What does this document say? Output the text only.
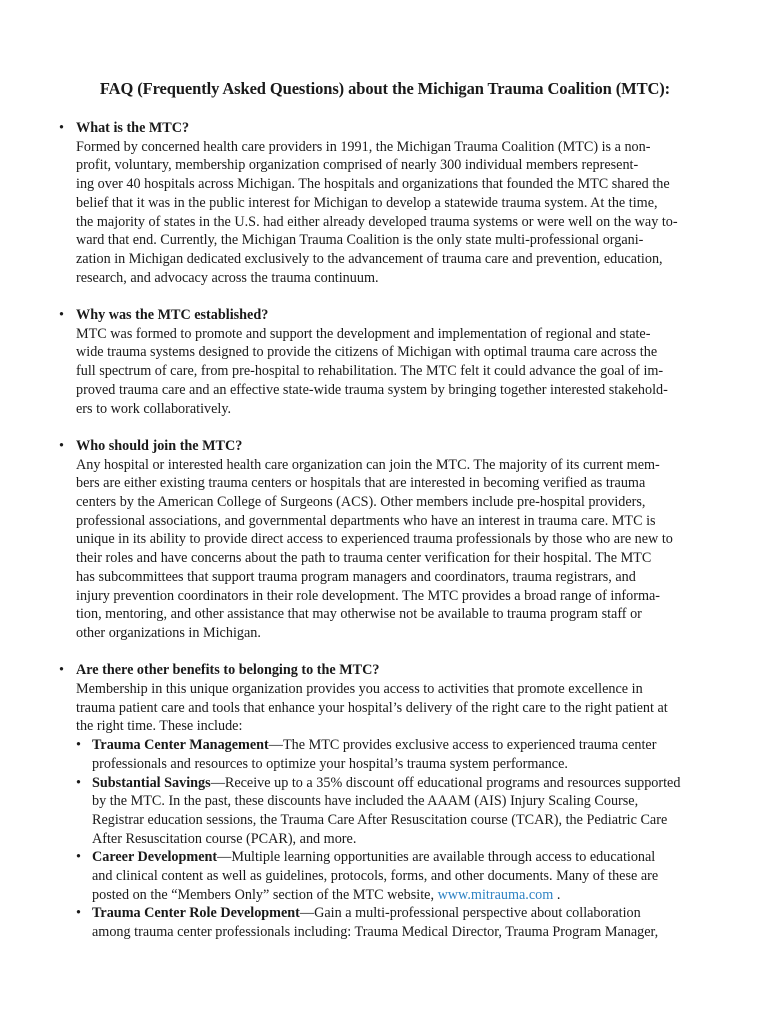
FAQ (Frequently Asked Questions) about the Michigan Trauma Coalition (MTC):
• What is the MTC?
Formed by concerned health care providers in 1991, the Michigan Trauma Coalition (MTC) is a non-
profit, voluntary, membership organization comprised of nearly 300 individual members represent-
ing over 40 hospitals across Michigan. The hospitals and organizations that founded the MTC shared the
belief that it was in the public interest for Michigan to develop a statewide trauma system. At the time,
the majority of states in the U.S. had either already developed trauma systems or were well on the way to-
ward that end. Currently, the Michigan Trauma Coalition is the only state multi-professional organi-
zation in Michigan dedicated exclusively to the advancement of trauma care and prevention, education,
research, and advocacy across the trauma continuum.
• Why was the MTC established?
MTC was formed to promote and support the development and implementation of regional and state-
wide trauma systems designed to provide the citizens of Michigan with optimal trauma care across the
full spectrum of care, from pre-hospital to rehabilitation. The MTC felt it could advance the goal of im-
proved trauma care and an effective state-wide trauma system by bringing together interested stakehold-
ers to work collaboratively.
• Who should join the MTC?
Any hospital or interested health care organization can join the MTC. The majority of its current mem-
bers are either existing trauma centers or hospitals that are interested in becoming verified as trauma
centers by the American College of Surgeons (ACS). Other members include pre-hospital providers,
professional associations, and governmental departments who have an interest in trauma care. MTC is
unique in its ability to provide direct access to experienced trauma professionals by those who are new to
their roles and have concerns about the path to trauma center verification for their hospital. The MTC
has subcommittees that support trauma program managers and coordinators, trauma registrars, and
injury prevention coordinators in their role development. The MTC provides a broad range of informa-
tion, mentoring, and other assistance that may otherwise not be available to trauma program staff or
other organizations in Michigan.
• Are there other benefits to belonging to the MTC?
Membership in this unique organization provides you access to activities that promote excellence in
trauma patient care and tools that enhance your hospital’s delivery of the right care to the right patient at
the right time. These include:
• Trauma Center Management—The MTC provides exclusive access to experienced trauma center
professionals and resources to optimize your hospital’s trauma system performance.
• Substantial Savings—Receive up to a 35% discount off educational programs and resources supported
by the MTC. In the past, these discounts have included the AAAM (AIS) Injury Scaling Course,
Registrar education sessions, the Trauma Care After Resuscitation course (TCAR), the Pediatric Care
After Resuscitation course (PCAR), and more.
• Career Development—Multiple learning opportunities are available through access to educational
and clinical content as well as guidelines, protocols, forms, and other documents. Many of these are
posted on the “Members Only” section of the MTC website, www.mitrauma.com .
• Trauma Center Role Development—Gain a multi-professional perspective about collaboration
among trauma center professionals including: Trauma Medical Director, Trauma Program Manager,
